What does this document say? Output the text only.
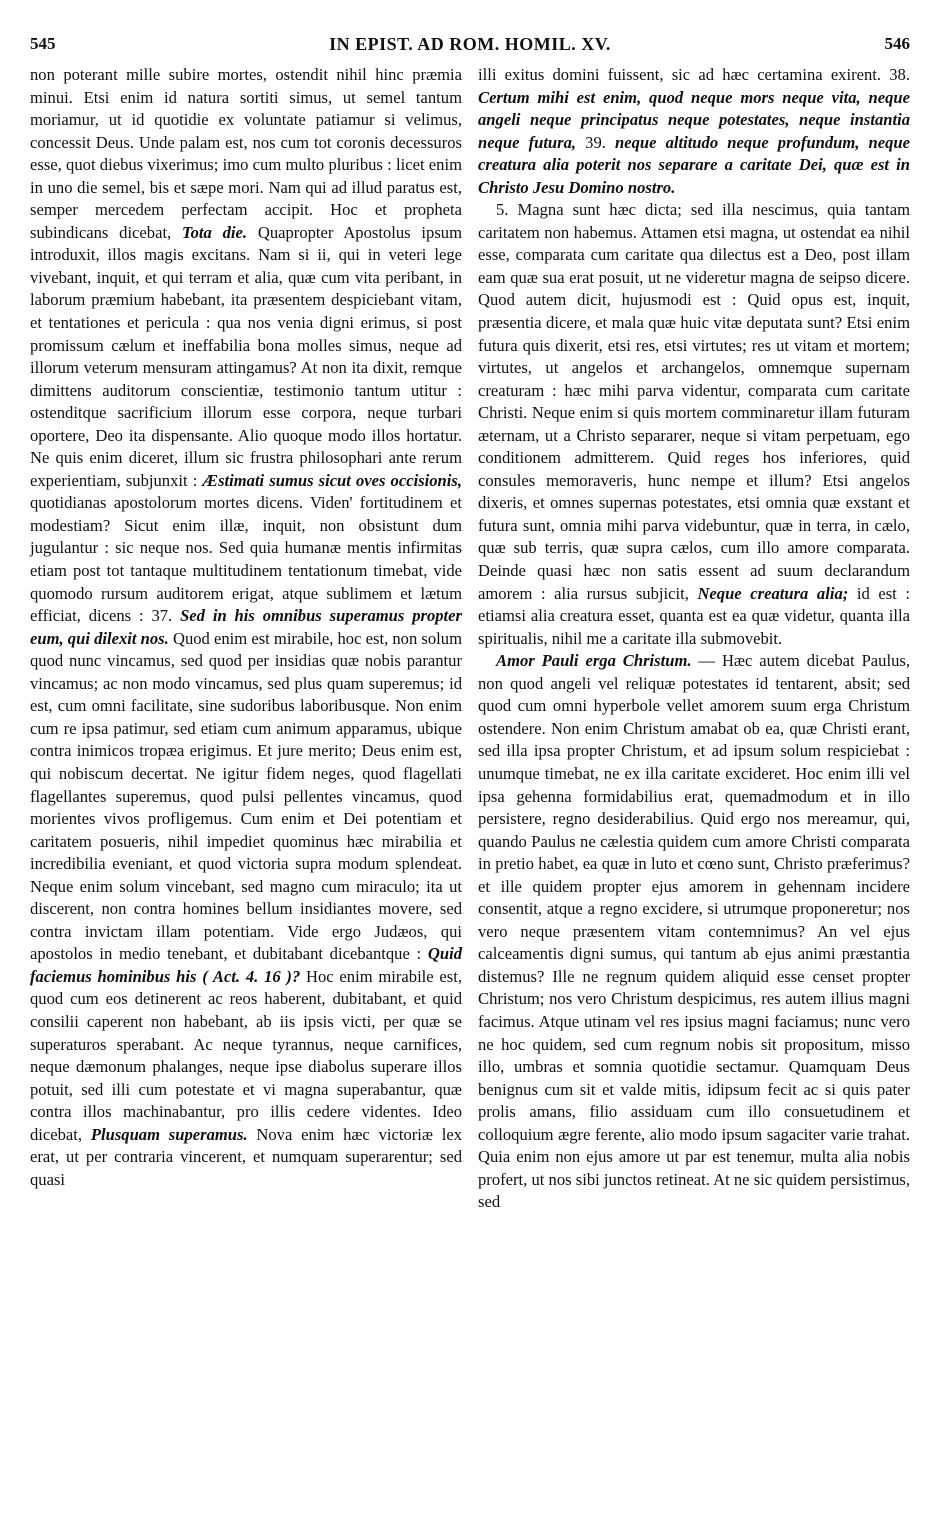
545	IN EPIST. AD ROM. HOMIL. XV.	546

non poterant mille subire mortes, ostendit nihil hinc præmia minui. Etsi enim id natura sortiti simus, ut semel tantum moriamur, ut id quotidie ex voluntate patiamur si velimus, concessit Deus. Unde palam est, nos cum tot coronis decessuros esse, quot diebus vixerimus; imo cum multo pluribus : licet enim in uno die semel, bis et sæpe mori. Nam qui ad illud paratus est, semper mercedem perfectam accipit. Hoc et propheta subindicans dicebat, Tota die. Quapropter Apostolus ipsum introduxit, illos magis excitans. Nam si ii, qui in veteri lege vivebant, inquit, et qui terram et alia, quæ cum vita peribant, in laborum præmium habebant, ita præsentem despiciebant vitam, et tentationes et pericula : qua nos venia digni erimus, si post promissum cælum et ineffabilia bona molles simus, neque ad illorum veterum mensuram attingamus? At non ita dixit, remque dimittens auditorum conscientiæ, testimonio tantum utitur : ostenditque sacrificium illorum esse corpora, neque turbari oportere, Deo ita dispensante. Alio quoque modo illos hortatur. Ne quis enim diceret, illum sic frustra philosophari ante rerum experientiam, subjunxit : Æstimati sumus sicut oves occisionis, quotidianas apostolorum mortes dicens. Viden' fortitudinem et modestiam? Sicut enim illæ, inquit, non obsistunt dum jugulantur : sic neque nos. Sed quia humanæ mentis infirmitas etiam post tot tantaque multitudinem tentationum timebat, vide quomodo rursum auditorem erigat, atque sublimem et lætum efficiat, dicens : 37. Sed in his omnibus superamus propter eum, qui dilexit nos. Quod enim est mirabile, hoc est, non solum quod nunc vincamus, sed quod per insidias quæ nobis parantur vincamus; ac non modo vincamus, sed plus quam superemus; id est, cum omni facilitate, sine sudoribus laboribusque. Non enim cum re ipsa patimur, sed etiam cum animum apparamus, ubique contra inimicos tropæa erigimus. Et jure merito; Deus enim est, qui nobiscum decertat. Ne igitur fidem neges, quod flagellati flagellantes superemus, quod pulsi pellentes vincamus, quod morientes vivos profligemus. Cum enim et Dei potentiam et caritatem posueris, nihil impediet quominus hæc mirabilia et incredibilia eveniant, et quod victoria supra modum splendeat. Neque enim solum vincebant, sed magno cum miraculo; ita ut discerent, non contra homines bellum insidiantes movere, sed contra invictam illam potentiam. Vide ergo Judæos, qui apostolos in medio tenebant, et dubitabant dicebantque : Quid faciemus hominibus his ( Act. 4. 16 )? Hoc enim mirabile est, quod cum eos detinerent ac reos haberent, dubitabant, et quid consilii caperent non habebant, ab iis ipsis victi, per quæ se superaturos sperabant. Ac neque tyrannus, neque carnifices, neque dæmonum phalanges, neque ipse diabolus superare illos potuit, sed illi cum potestate et vi magna superabantur, quæ contra illos machinabantur, pro illis cedere videntes. Ideo dicebat, Plusquam superamus. Nova enim hæc victoriæ lex erat, ut per contraria vincerent, et numquam superarentur; sed quasi

illi exitus domini fuissent, sic ad hæc certamina exirent. 38. Certum mihi est enim, quod neque mors neque vita, neque angeli neque principatus neque potestates, neque instantia neque futura, 39. neque altitudo neque profundum, neque creatura alia poterit nos separare a caritate Dei, quæ est in Christo Jesu Domino nostro.

5. Magna sunt hæc dicta; sed illa nescimus, quia tantam caritatem non habemus. Attamen etsi magna, ut ostendat ea nihil esse, comparata cum caritate qua dilectus est a Deo, post illam eam quæ sua erat posuit, ut ne videretur magna de seipso dicere. Quod autem dicit, hujusmodi est : Quid opus est, inquit, præsentia dicere, et mala quæ huic vitæ deputata sunt? Etsi enim futura quis dixerit, etsi res, etsi virtutes; res ut vitam et mortem; virtutes, ut angelos et archangelos, omnemque supernam creaturam : hæc mihi parva videntur, comparata cum caritate Christi. Neque enim si quis mortem comminaretur illam futuram æternam, ut a Christo separarer, neque si vitam perpetuam, ego conditionem admitterem. Quid reges hos inferiores, quid consules memoraveris, hunc nempe et illum? Etsi angelos dixeris, et omnes supernas potestates, etsi omnia quæ exstant et futura sunt, omnia mihi parva videbuntur, quæ in terra, in cælo, quæ sub terris, quæ supra cælos, cum illo amore comparata. Deinde quasi hæc non satis essent ad suum declarandum amorem : alia rursus subjicit, Neque creatura alia; id est : etiamsi alia creatura esset, quanta est ea quæ videtur, quanta illa spiritualis, nihil me a caritate illa submovebit.

Amor Pauli erga Christum. — Hæc autem dicebat Paulus, non quod angeli vel reliquæ potestates id tentarent, absit; sed quod cum omni hyperbole vellet amorem suum erga Christum ostendere. Non enim Christum amabat ob ea, quæ Christi erant, sed illa ipsa propter Christum, et ad ipsum solum respiciebat : unumque timebat, ne ex illa caritate excideret. Hoc enim illi vel ipsa gehenna formidabilius erat, quemadmodum et in illo persistere, regno desiderabilius. Quid ergo nos mereamur, qui, quando Paulus ne cælestia quidem cum amore Christi comparata in pretio habet, ea quæ in luto et cœno sunt, Christo præferimus? et ille quidem propter ejus amorem in gehennam incidere consentit, atque a regno excidere, si utrumque proponeretur; nos vero neque præsentem vitam contemnimus? An vel ejus calceamentis digni sumus, qui tantum ab ejus animi præstantia distemus? Ille ne regnum quidem aliquid esse censet propter Christum; nos vero Christum despicimus, res autem illius magni facimus. Atque utinam vel res ipsius magni faciamus; nunc vero ne hoc quidem, sed cum regnum nobis sit propositum, misso illo, umbras et somnia quotidie sectamur. Quamquam Deus benignus cum sit et valde mitis, idipsum fecit ac si quis pater prolis amans, filio assiduam cum illo consuetudinem et colloquium ægre ferente, alio modo ipsum sagaciter varie trahat. Quia enim non ejus amore ut par est tenemur, multa alia nobis profert, ut nos sibi junctos retineat. At ne sic quidem persistimus, sed
